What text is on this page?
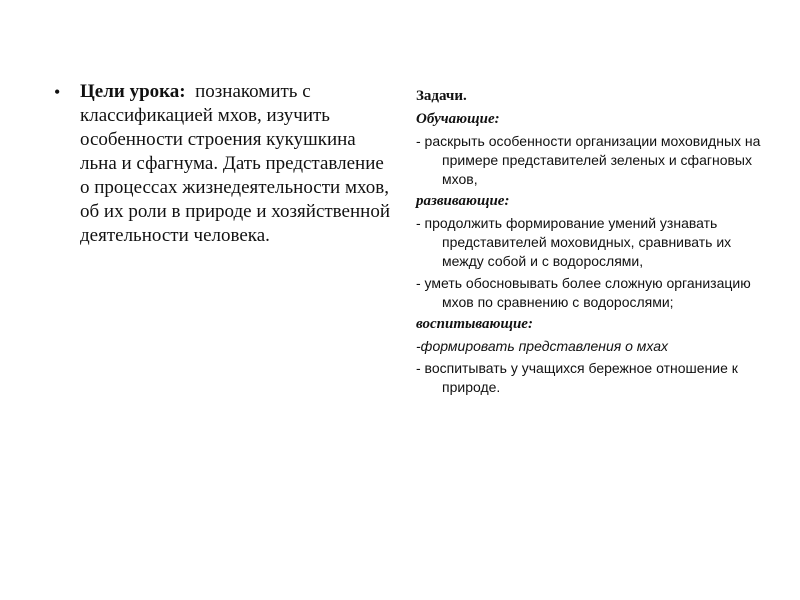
•	Цели урока: познакомить с классификацией мхов, изучить особенности строения кукушкина льна и сфагнума. Дать представление о процессах жизнедеятельности мхов, об их роли в природе и хозяйственной деятельности человека.
Задачи.
Обучающие:
- раскрыть особенности организации моховидных на примере представителей зеленых и сфагновых мхов,
развивающие:
- продолжить формирование умений узнавать представителей моховидных, сравнивать их между собой и с водорослями,
- уметь обосновывать более сложную организацию мхов по сравнению с водорослями;
воспитывающие:
-формировать представления о мхах
- воспитывать у учащихся бережное отношение к природе.
